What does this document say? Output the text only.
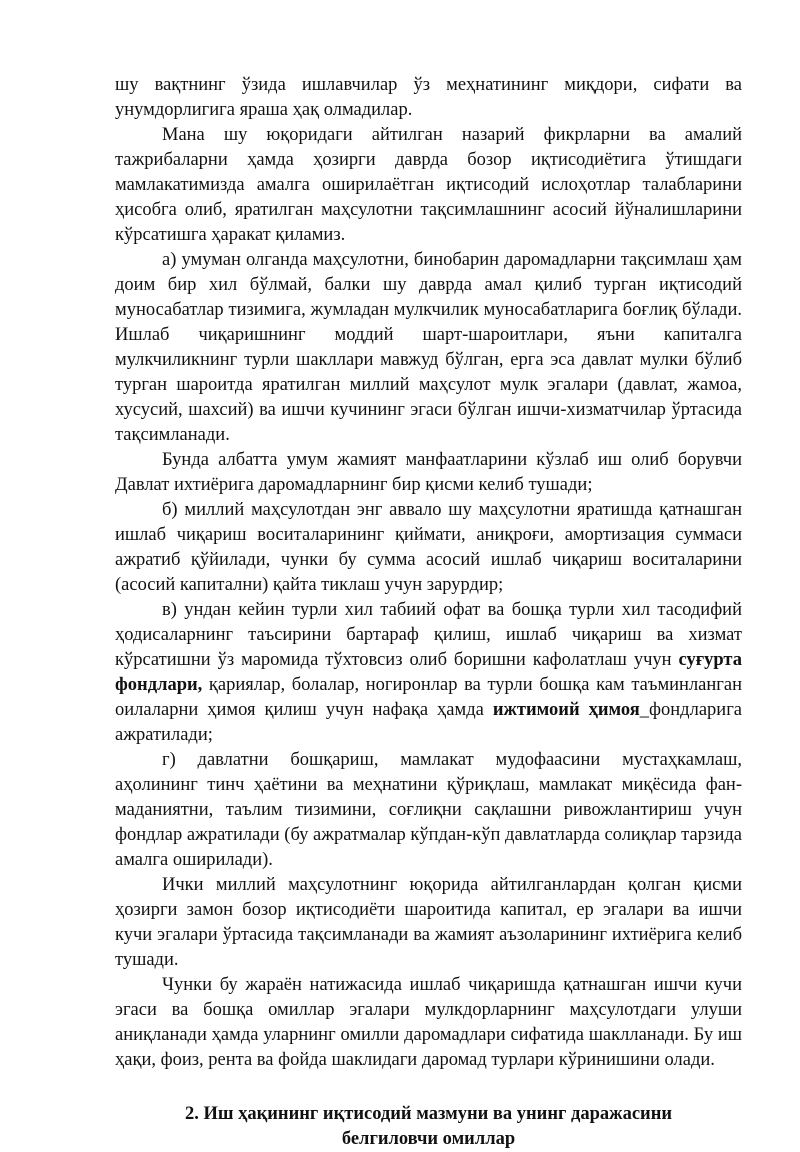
шу вақтнинг ўзида ишлавчилар ўз меҳнатининг миқдори, сифати ва унумдорлигига яраша ҳақ олмадилар.

Мана шу юқоридаги айтилган назарий фикрларни ва амалий тажрибаларни ҳамда ҳозирги даврда бозор иқтисодиётига ўтишдаги мамлакатимизда амалга оширилаётган иқтисодий ислоҳотлар талабларини ҳисобга олиб, яратилган маҳсулотни тақсимлашнинг асосий йўналишларини кўрсатишга ҳаракат қиламиз.

а) умуман олганда маҳсулотни, бинобарин даромадларни тақсимлаш ҳам доим бир хил бўлмай, балки шу даврда амал қилиб турган иқтисодий муносабатлар тизимига, жумладан мулкчилик муносабатларига боғлиқ бўлади. Ишлаб чиқаришнинг моддий шарт-шароитлари, яъни капиталга мулкчиликнинг турли шакллари мавжуд бўлган, ерга эса давлат мулки бўлиб турган шароитда яратилган миллий маҳсулот мулк эгалари (давлат, жамоа, хусусий, шахсий) ва ишчи кучининг эгаси бўлган ишчи-хизматчилар ўртасида тақсимланади.

Бунда албатта умум жамият манфаатларини кўзлаб иш олиб борувчи Давлат ихтиёрига даромадларнинг бир қисми келиб тушади;

б) миллий маҳсулотдан энг аввало шу маҳсулотни яратишда қатнашган ишлаб чиқариш воситаларининг қиймати, аниқроғи, амортизация суммаси ажратиб қўйилади, чунки бу сумма асосий ишлаб чиқариш воситаларини (асосий капитални) қайта тиклаш учун зарурдир;

в) ундан кейин турли хил табиий офат ва бошқа турли хил тасодифий ҳодисаларнинг таъсирини бартараф қилиш, ишлаб чиқариш ва хизмат кўрсатишни ўз маромида тўхтовсиз олиб боришни кафолатлаш учун суғурта фондлари, қариялар, болалар, ногиронлар ва турли бошқа кам таъминланган оилаларни ҳимоя қилиш учун нафақа ҳамда ижтимоий ҳимоя_фондларига ажратилади;

г) давлатни бошқариш, мамлакат мудофаасини мустаҳкамлаш, аҳолининг тинч ҳаётини ва меҳнатини қўриқлаш, мамлакат миқёсида фан-маданиятни, таълим тизимини, соғлиқни сақлашни ривожлантириш учун фондлар ажратилади (бу ажратмалар кўпдан-кўп давлатларда солиқлар тарзида амалга оширилади).

Ички миллий маҳсулотнинг юқорида айтилганлардан қолган қисми ҳозирги замон бозор иқтисодиёти шароитида капитал, ер эгалари ва ишчи кучи эгалари ўртасида тақсимланади ва жамият аъзоларининг ихтиёрига келиб тушади.

Чунки бу жараён натижасида ишлаб чиқаришда қатнашган ишчи кучи эгаси ва бошқа омиллар эгалари мулкдорларнинг маҳсулотдаги улуши аниқланади ҳамда уларнинг омилли даромадлари сифатида шаклланади. Бу иш ҳақи, фоиз, рента ва фойда шаклидаги даромад турлари кўринишини олади.

2. Иш ҳақининг иқтисодий мазмуни ва унинг даражасини
белгиловчи омиллар
